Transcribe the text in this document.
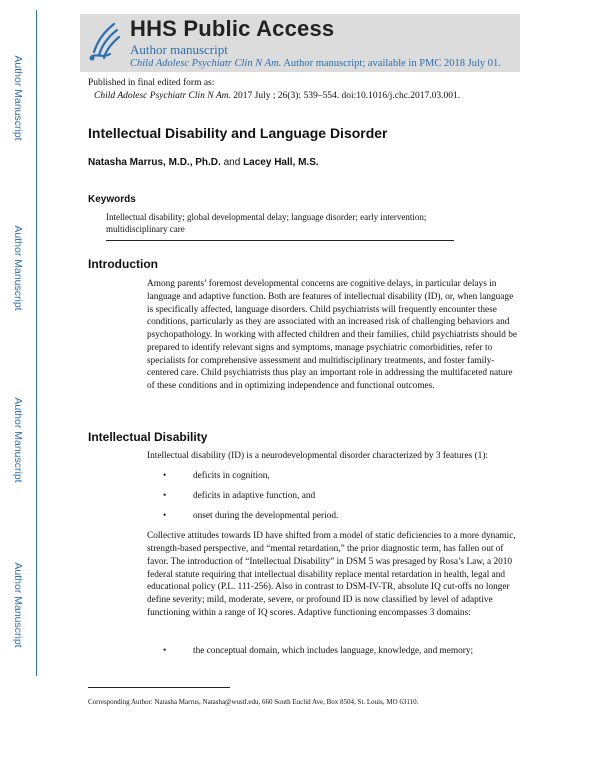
Author Manuscript
Author Manuscript
Author Manuscript
Author Manuscript
HHS Public Access
Author manuscript
Child Adolesc Psychiatr Clin N Am. Author manuscript; available in PMC 2018 July 01.
Published in final edited form as:
Child Adolesc Psychiatr Clin N Am. 2017 July ; 26(3): 539–554. doi:10.1016/j.chc.2017.03.001.
Intellectual Disability and Language Disorder
Natasha Marrus, M.D., Ph.D. and Lacey Hall, M.S.
Keywords
Intellectual disability; global developmental delay; language disorder; early intervention; multidisciplinary care
Introduction
Among parents’ foremost developmental concerns are cognitive delays, in particular delays in language and adaptive function. Both are features of intellectual disability (ID), or, when language is specifically affected, language disorders. Child psychiatrists will frequently encounter these conditions, particularly as they are associated with an increased risk of challenging behaviors and psychopathology. In working with affected children and their families, child psychiatrists should be prepared to identify relevant signs and symptoms, manage psychiatric comorbidities, refer to specialists for comprehensive assessment and multidisciplinary treatments, and foster family-centered care. Child psychiatrists thus play an important role in addressing the multifaceted nature of these conditions and in optimizing independence and functional outcomes.
Intellectual Disability
Intellectual disability (ID) is a neurodevelopmental disorder characterized by 3 features (1):
•	deficits in cognition,
•	deficits in adaptive function, and
•	onset during the developmental period.
Collective attitudes towards ID have shifted from a model of static deficiencies to a more dynamic, strength-based perspective, and “mental retardation,” the prior diagnostic term, has fallen out of favor. The introduction of “Intellectual Disability” in DSM 5 was presaged by Rosa’s Law, a 2010 federal statute requiring that intellectual disability replace mental retardation in health, legal and educational policy (P.L. 111-256). Also in contrast to DSM-IV-TR, absolute IQ cut-offs no longer define severity; mild, moderate, severe, or profound ID is now classified by level of adaptive functioning within a range of IQ scores. Adaptive functioning encompasses 3 domains:
•	the conceptual domain, which includes language, knowledge, and memory;
Corresponding Author: Natasha Marrus, Natasha@wustl.edu, 660 South Euclid Ave, Box 8504, St. Louis, MO 63110.
